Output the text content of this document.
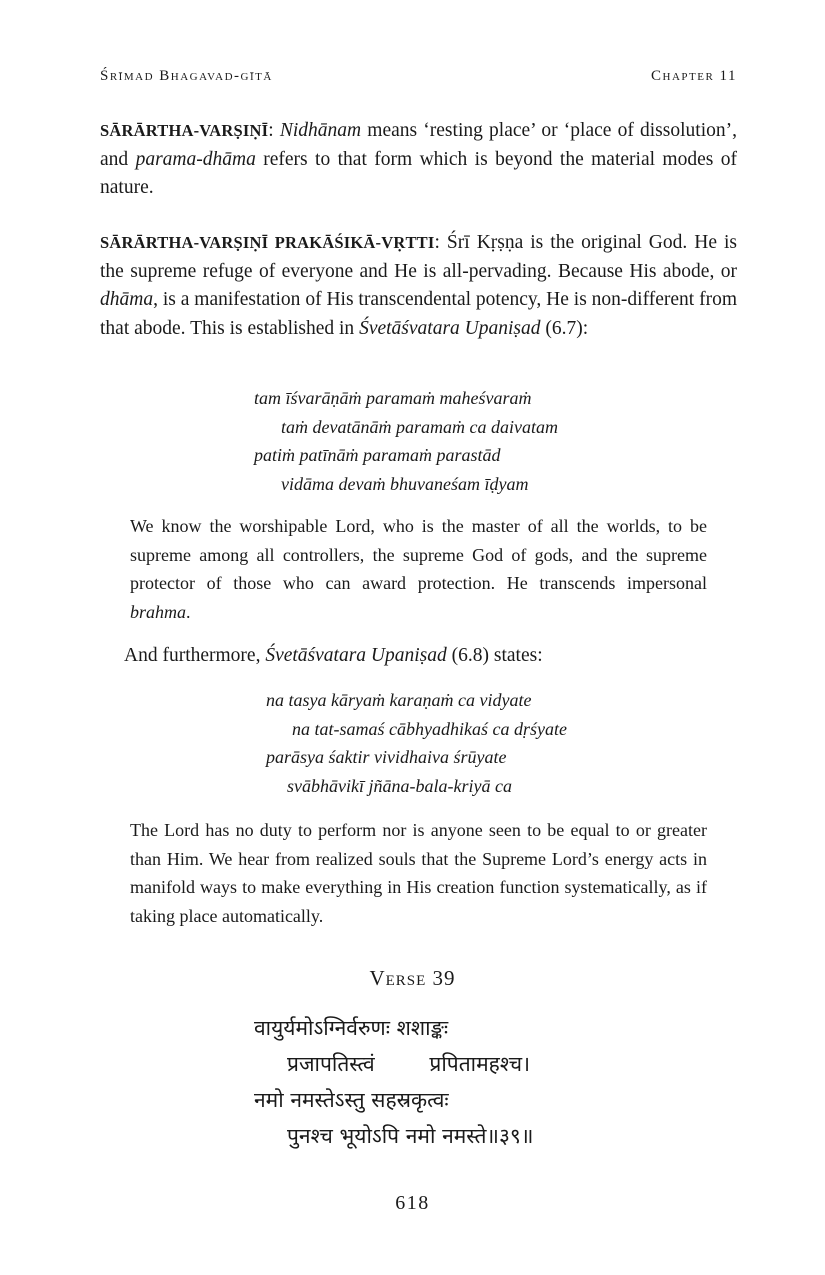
Śrīmad Bhagavad-gītā	Chapter 11

SĀRĀRTHA-VARṢIṆĪ: Nidhānam means ‘resting place’ or ‘place of dissolution’, and parama-dhāma refers to that form which is beyond the material modes of nature.

SĀRĀRTHA-VARṢIṆĪ PRAKĀŚIKĀ-VṚTTI: Śrī Kṛṣṇa is the original God. He is the supreme refuge of everyone and He is all-pervading. Because His abode, or dhāma, is a manifestation of His transcendental potency, He is non-different from that abode. This is established in Śvetāśvatara Upaniṣad (6.7):

tam īśvarāṇāṁ paramaṁ maheśvaraṁ
taṁ devatānāṁ paramaṁ ca daivatam
patiṁ patīnāṁ paramaṁ parastād
vidāma devaṁ bhuvaneśam īḍyam

We know the worshipable Lord, who is the master of all the worlds, to be supreme among all controllers, the supreme God of gods, and the supreme protector of those who can award protection. He transcends impersonal brahma.

And furthermore, Śvetāśvatara Upaniṣad (6.8) states:

na tasya kāryaṁ karaṇaṁ ca vidyate
na tat-samaś cābhyadhikaś ca dṛśyate
parāsya śaktir vividhaiva śrūyate
svābhāvikī jñāna-bala-kriyā ca

The Lord has no duty to perform nor is anyone seen to be equal to or greater than Him. We hear from realized souls that the Supreme Lord’s energy acts in manifold ways to make everything in His creation function systematically, as if taking place automatically.

Verse 39
वायुर्यमोऽग्निर्वरुणः शशाङ्कः
प्रजापतिस्त्वं प्रपितामहश्च।
नमो नमस्तेऽस्तु सहस्रकृत्वः
पुनश्च भूयोऽपि नमो नमस्ते॥३९॥
618
